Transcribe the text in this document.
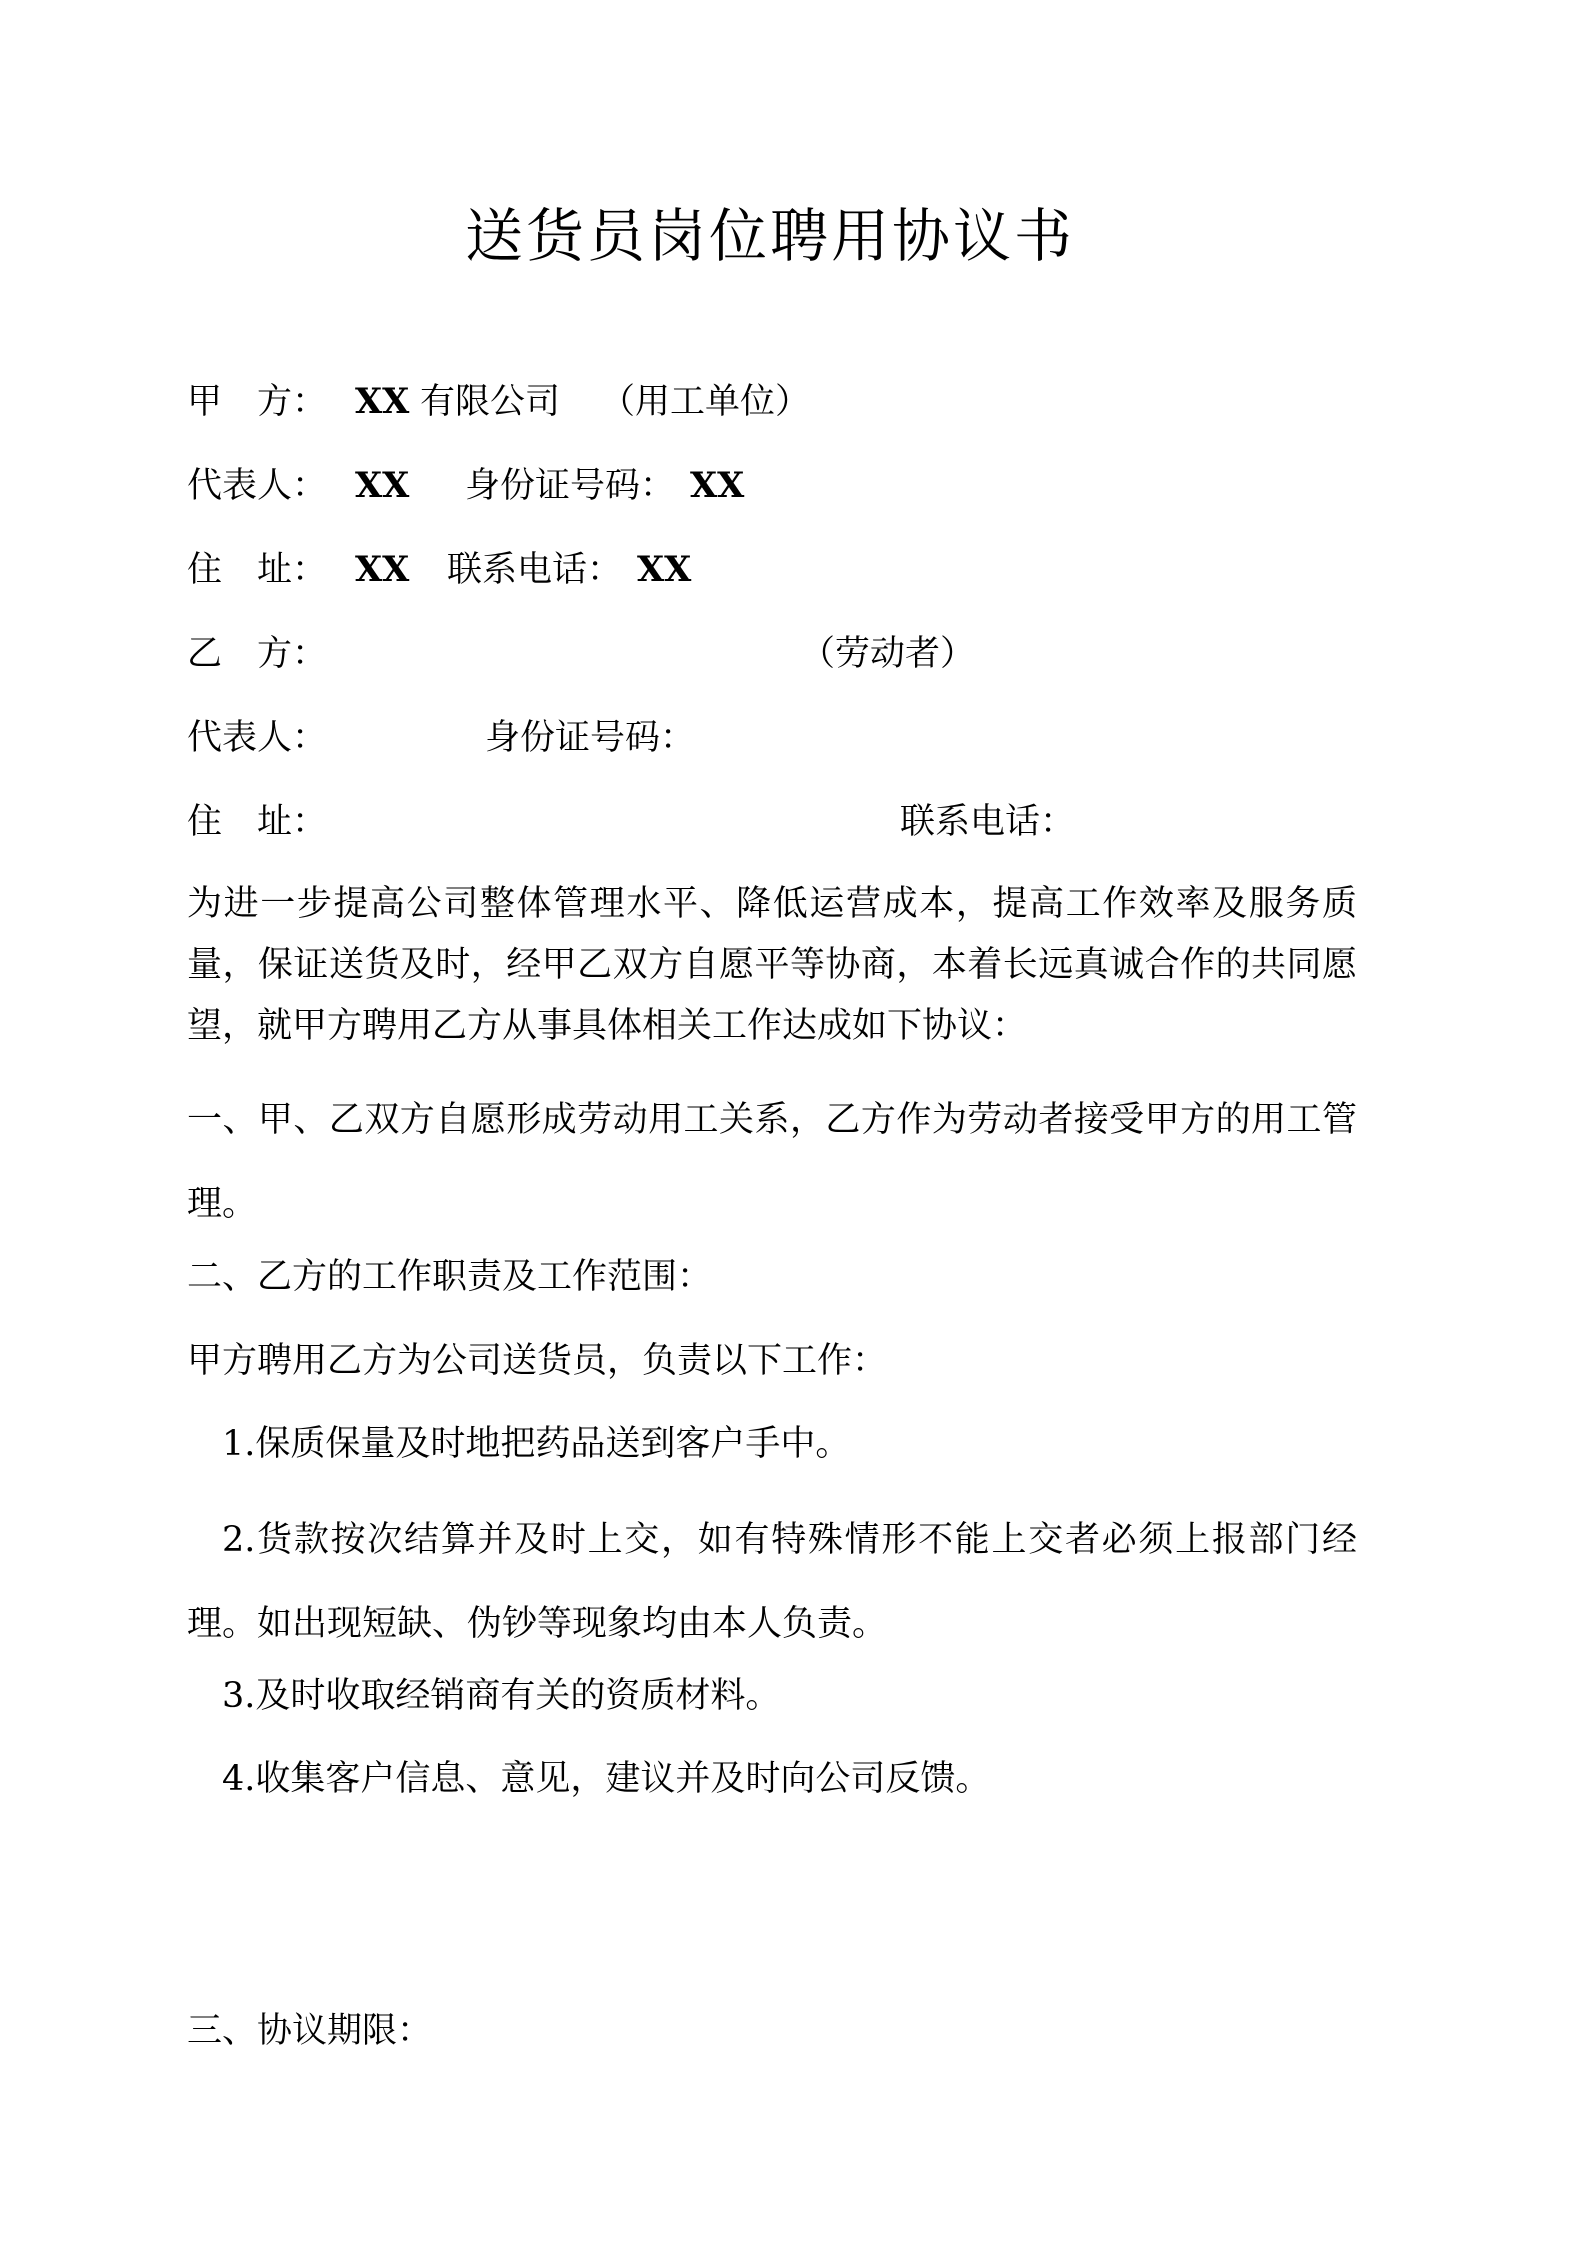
送货员岗位聘用协议书
甲　方： XX 有限公司 （用工单位）
代表人： XX 身份证号码： XX
住　址： XX 联系电话： XX
乙　方：	（劳动者）
代表人：	身份证号码：
住　址：	联系电话：
为进一步提高公司整体管理水平、降低运营成本，提高工作效率及服务质量，保证送货及时，经甲乙双方自愿平等协商，本着长远真诚合作的共同愿望，就甲方聘用乙方从事具体相关工作达成如下协议：
一、甲、乙双方自愿形成劳动用工关系，乙方作为劳动者接受甲方的用工管理。
二、乙方的工作职责及工作范围：
甲方聘用乙方为公司送货员，负责以下工作：
1.保质保量及时地把药品送到客户手中。
2.货款按次结算并及时上交，如有特殊情形不能上交者必须上报部门经理。如出现短缺、伪钞等现象均由本人负责。
3.及时收取经销商有关的资质材料。
4.收集客户信息、意见，建议并及时向公司反馈。
三、协议期限：
